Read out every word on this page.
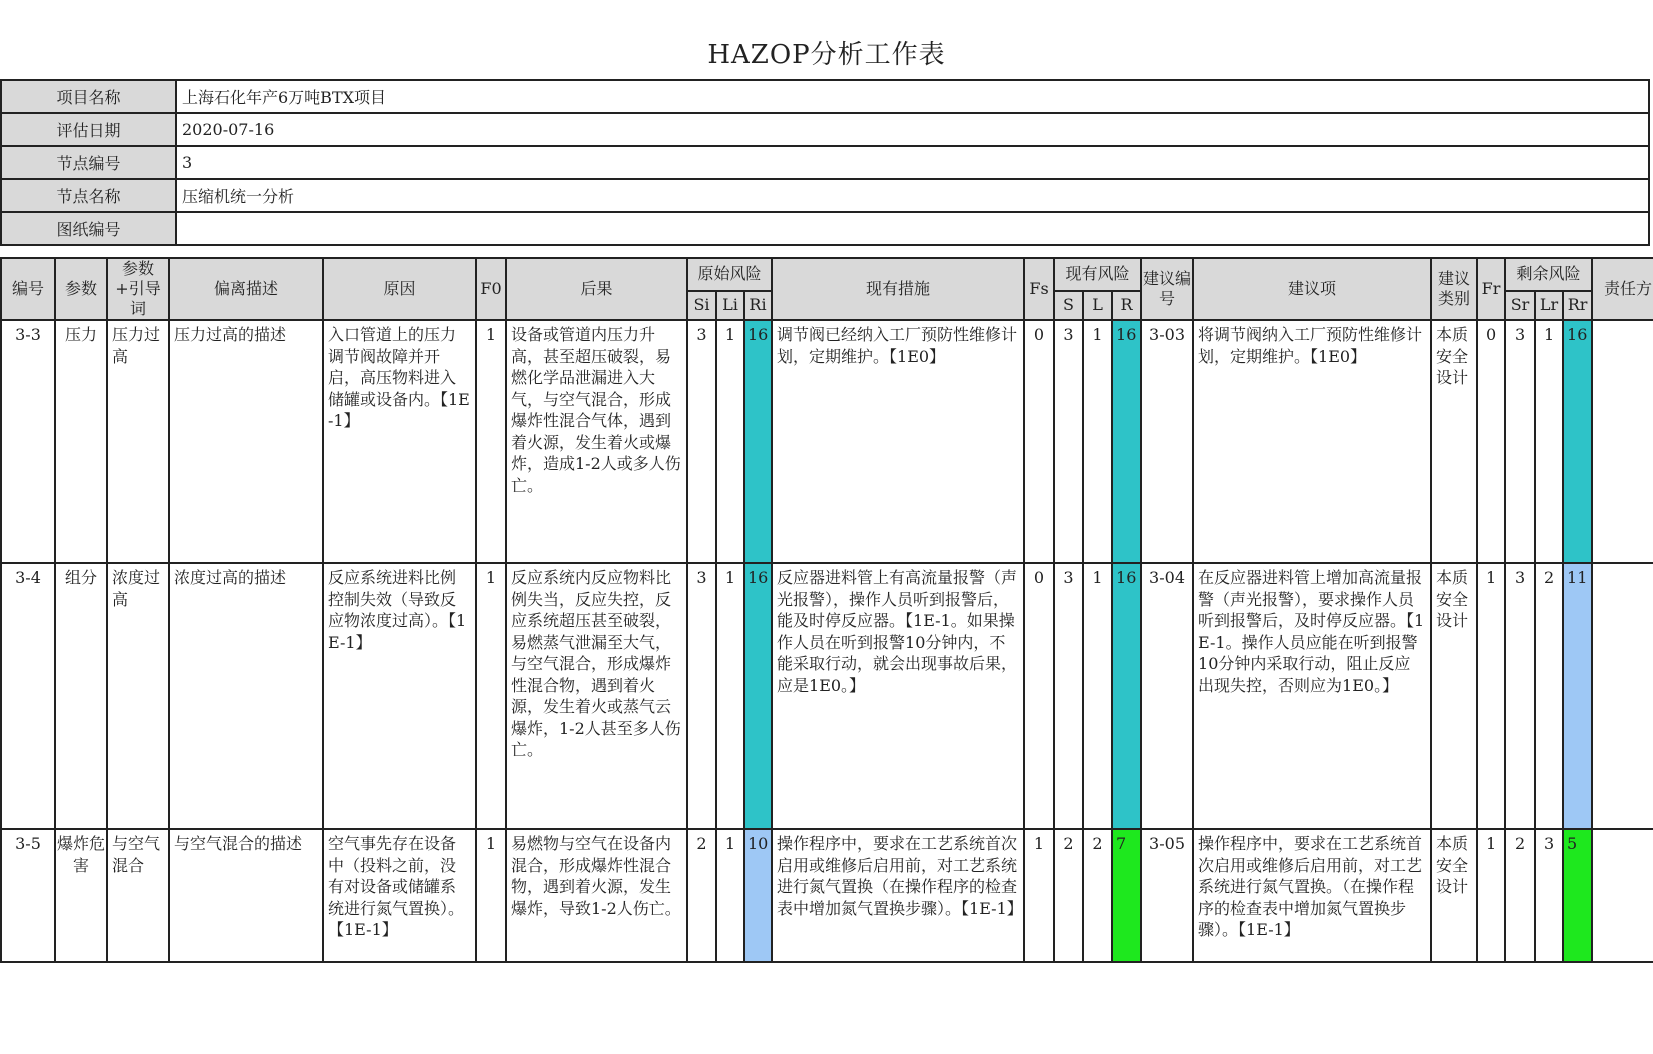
HAZOP分析工作表
项目名称	上海石化年产6万吨BTX项目
评估日期	2020-07-16
节点编号	3
节点名称	压缩机统一分析
图纸编号	
编号	参数	参数+引导词	偏离描述	原因	F0	后果	原始风险			现有措施	Fs	现有风险			建议编号	建议项	建议类别	Fr	剩余风险			责任方
							Si	Li	Ri			S	L	R					Sr	Lr	Rr	
3-3	压力	压力过高	压力过高的描述	入口管道上的压力调节阀故障并开启，高压物料进入储罐或设备内。【1E-1】	1	设备或管道内压力升高，甚至超压破裂，易燃化学品泄漏进入大气，与空气混合，形成爆炸性混合气体，遇到着火源，发生着火或爆炸，造成1-2人或多人伤亡。	3	1	16	调节阀已经纳入工厂预防性维修计划，定期维护。【1E0】	0	3	1	16	3-03	将调节阀纳入工厂预防性维修计划，定期维护。【1E0】	本质安全设计	0	3	1	16	
3-4	组分	浓度过高	浓度过高的描述	反应系统进料比例控制失效（导致反应物浓度过高）。【1E-1】	1	反应系统内反应物料比例失当，反应失控，反应系统超压甚至破裂，易燃蒸气泄漏至大气，与空气混合，形成爆炸性混合物，遇到着火源，发生着火或蒸气云爆炸，1-2人甚至多人伤亡。	3	1	16	反应器进料管上有高流量报警（声光报警），操作人员听到报警后，能及时停反应器。【1E-1。如果操作人员在听到报警10分钟内，不能采取行动，就会出现事故后果，应是1E0。】	0	3	1	16	3-04	在反应器进料管上增加高流量报警（声光报警），要求操作人员听到报警后，及时停反应器。【1E-1。操作人员应能在听到报警10分钟内采取行动，阻止反应出现失控，否则应为1E0。】	本质安全设计	1	3	2	11	
3-5	爆炸危害	与空气混合	与空气混合的描述	空气事先存在设备中（投料之前，没有对设备或储罐系统进行氮气置换）。【1E-1】	1	易燃物与空气在设备内混合，形成爆炸性混合物，遇到着火源，发生爆炸，导致1-2人伤亡。	2	1	10	操作程序中，要求在工艺系统首次启用或维修后启用前，对工艺系统进行氮气置换（在操作程序的检查表中增加氮气置换步骤）。【1E-1】	1	2	2	7	3-05	操作程序中，要求在工艺系统首次启用或维修后启用前，对工艺系统进行氮气置换。（在操作程序的检查表中增加氮气置换步骤）。【1E-1】	本质安全设计	1	2	3	5	
